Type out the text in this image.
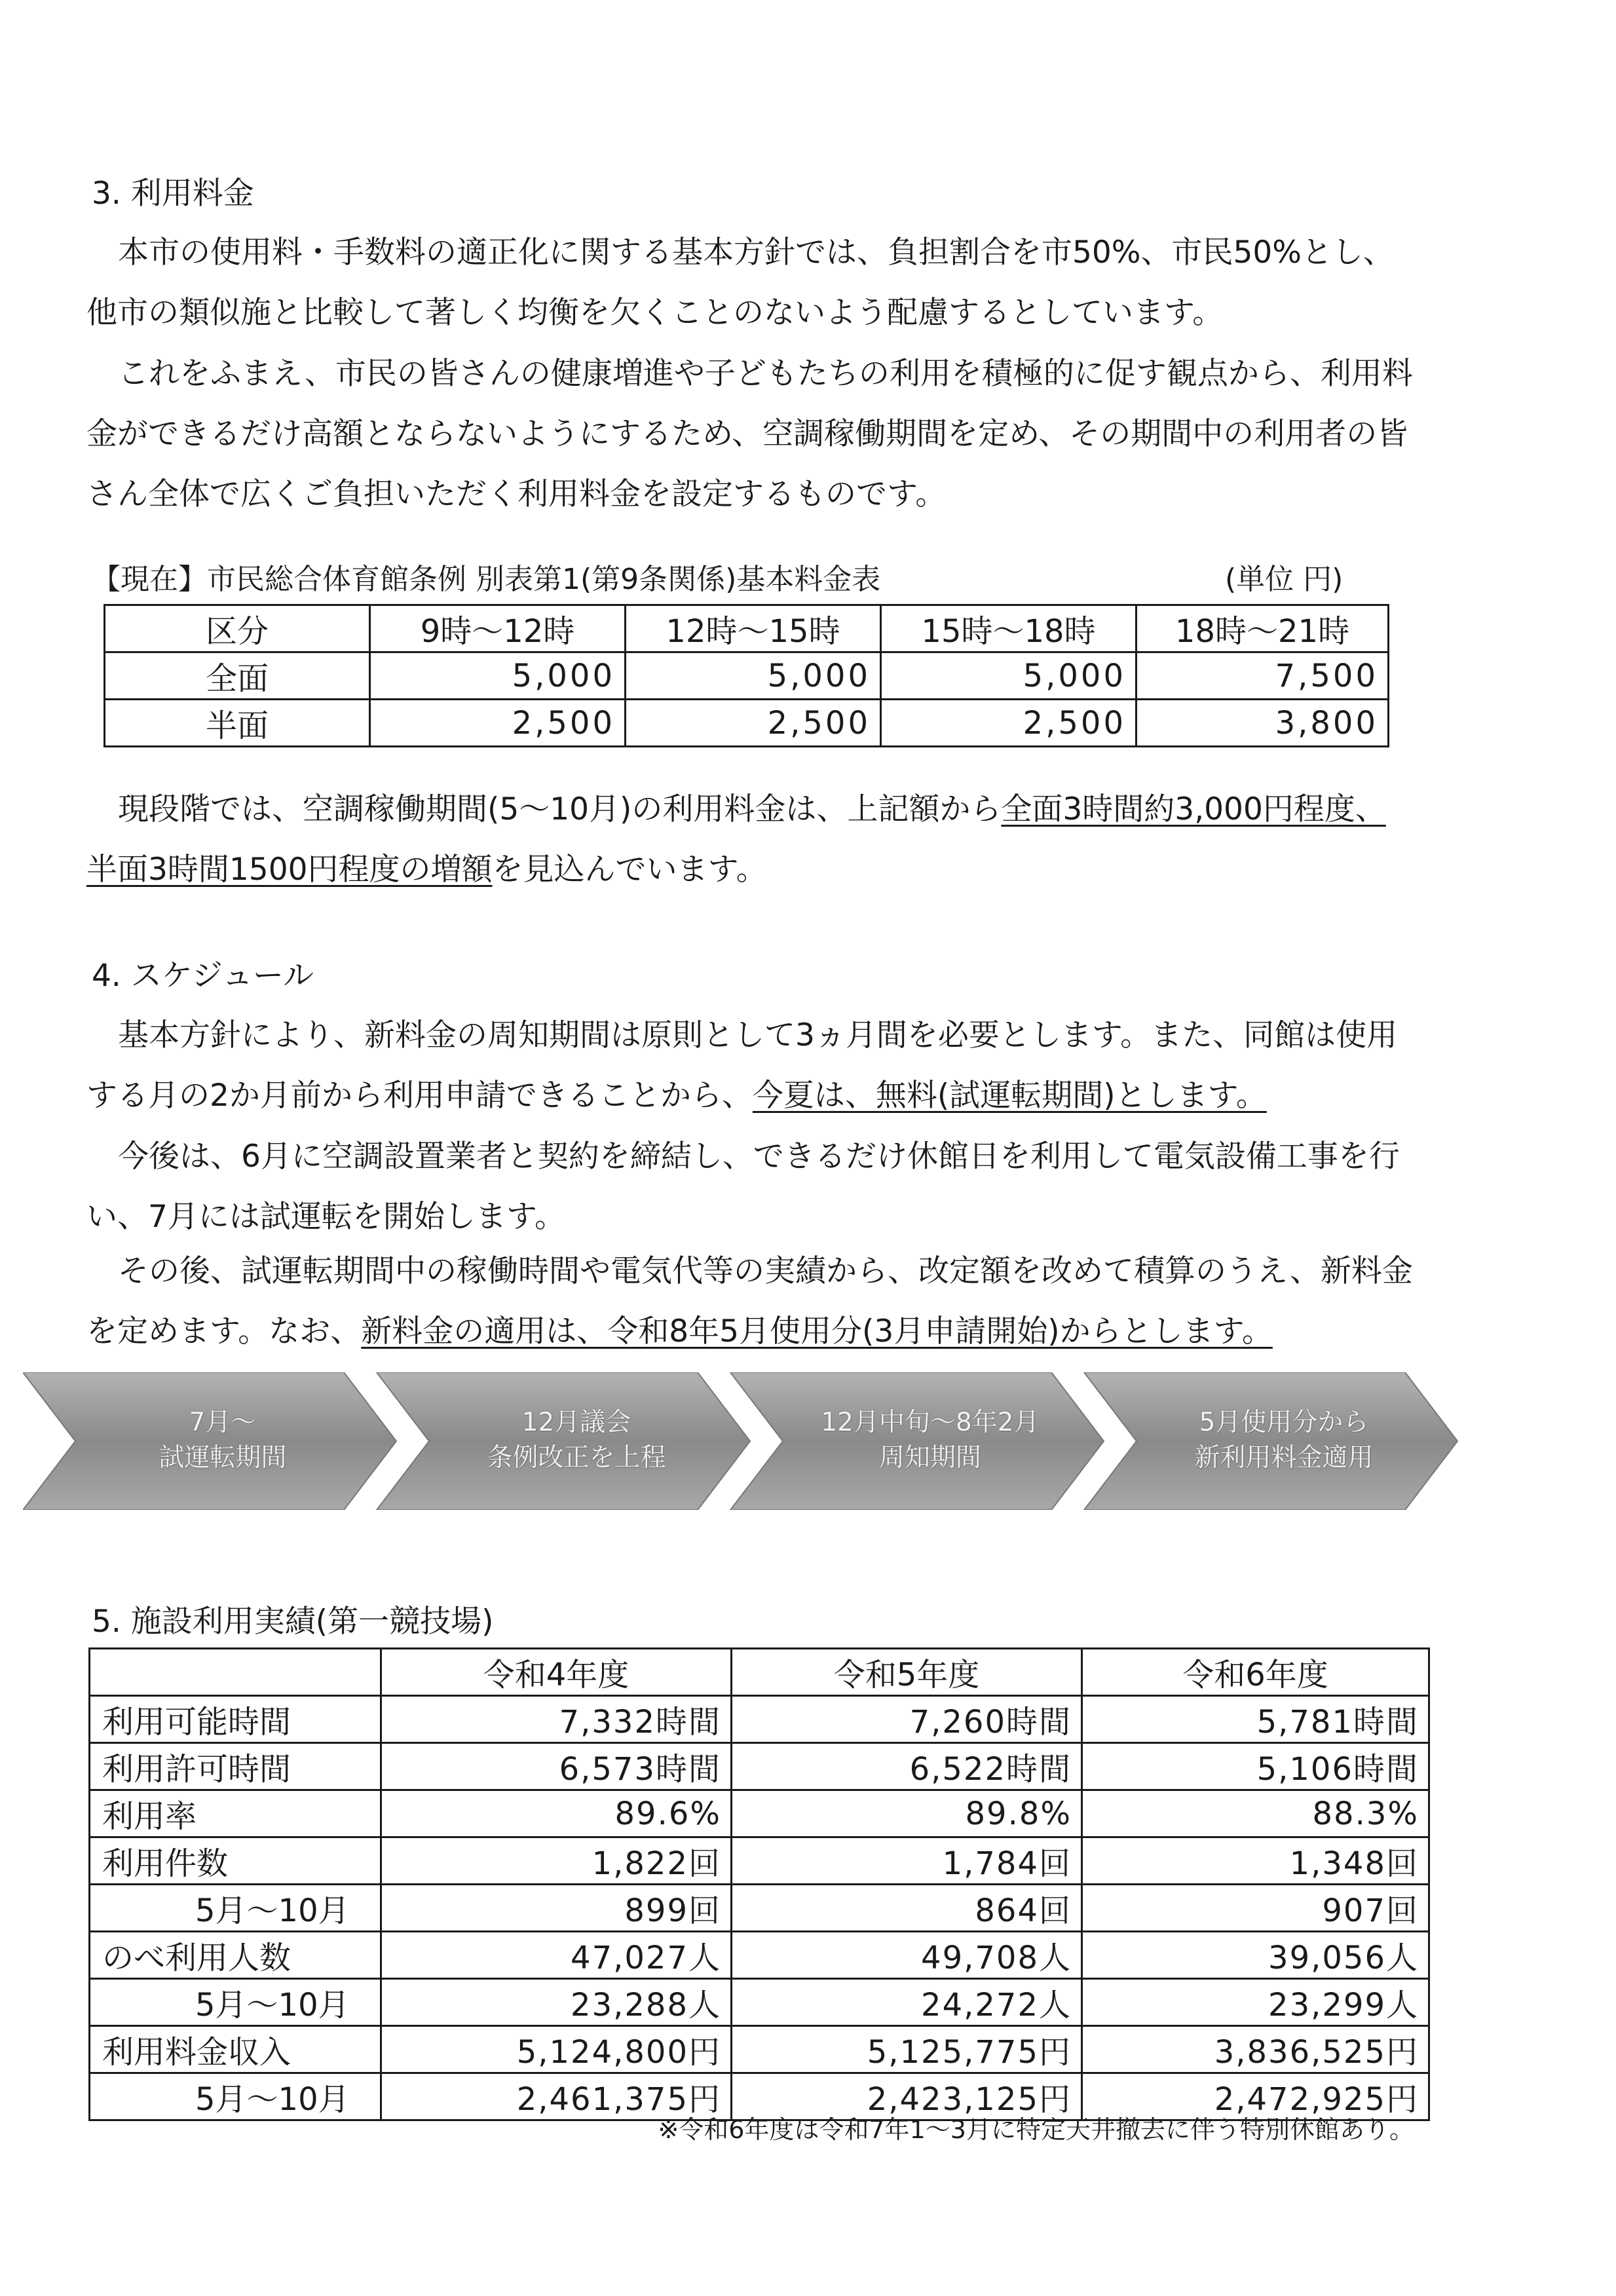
3. 利用料金
本市の使用料・手数料の適正化に関する基本方針では、負担割合を市50%、市民50%とし、他市の類似施と比較して著しく均衡を欠くことのないよう配慮するとしています。
これをふまえ、市民の皆さんの健康増進や子どもたちの利用を積極的に促す観点から、利用料金ができるだけ高額とならないようにするため、空調稼働期間を定め、その期間中の利用者の皆さん全体で広くご負担いただく利用料金を設定するものです。
【現在】市民総合体育館条例 別表第1(第9条関係)基本料金表	(単位 円)
区分	9時〜12時	12時〜15時	15時〜18時	18時〜21時
全面	5,000	5,000	5,000	7,500
半面	2,500	2,500	2,500	3,800
現段階では、空調稼働期間(5〜10月)の利用料金は、上記額から全面3時間約3,000円程度、半面3時間1500円程度の増額を見込んでいます。
4. スケジュール
基本方針により、新料金の周知期間は原則として3ヵ月間を必要とします。また、同館は使用する月の2か月前から利用申請できることから、今夏は、無料(試運転期間)とします。
今後は、6月に空調設置業者と契約を締結し、できるだけ休館日を利用して電気設備工事を行い、7月には試運転を開始します。
その後、試運転期間中の稼働時間や電気代等の実績から、改定額を改めて積算のうえ、新料金を定めます。なお、新料金の適用は、令和8年5月使用分(3月申請開始)からとします。
7月〜
試運転期間
12月議会
条例改正を上程
12月中旬〜8年2月
周知期間
5月使用分から
新利用料金適用
5. 施設利用実績(第一競技場)
	令和4年度	令和5年度	令和6年度
利用可能時間	7,332時間	7,260時間	5,781時間
利用許可時間	6,573時間	6,522時間	5,106時間
利用率	89.6%	89.8%	88.3%
利用件数	1,822回	1,784回	1,348回
5月〜10月	899回	864回	907回
のべ利用人数	47,027人	49,708人	39,056人
5月〜10月	23,288人	24,272人	23,299人
利用料金収入	5,124,800円	5,125,775円	3,836,525円
5月〜10月	2,461,375円	2,423,125円	2,472,925円
※令和6年度は令和7年1〜3月に特定天井撤去に伴う特別休館あり。
